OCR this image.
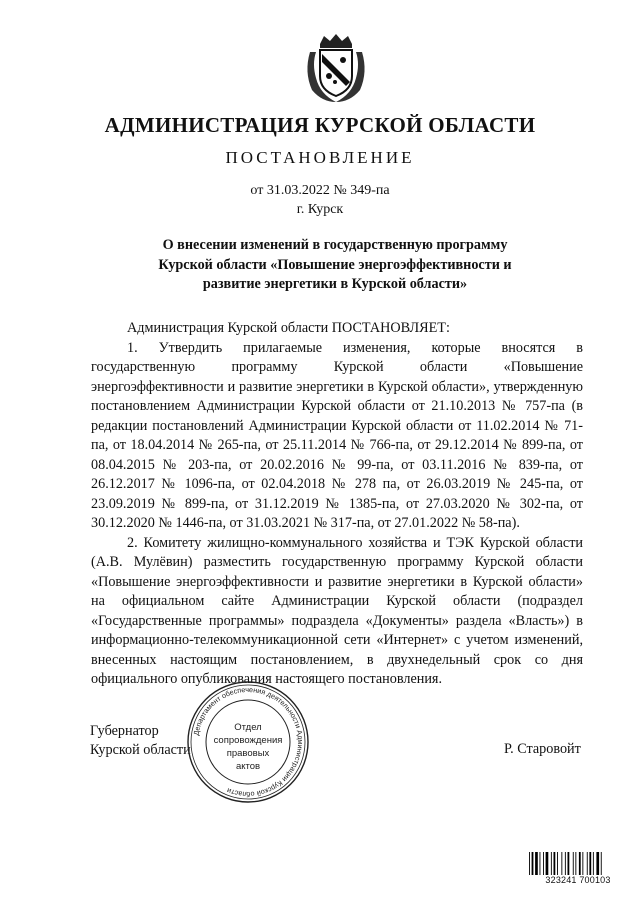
АДМИНИСТРАЦИЯ КУРСКОЙ ОБЛАСТИ
ПОСТАНОВЛЕНИЕ
от 31.03.2022 № 349-па
г. Курск
О внесении изменений в государственную программу
Курской области «Повышение энергоэффективности и
развитие энергетики в Курской области»

Администрация Курской области ПОСТАНОВЛЯЕТ:

1. Утвердить прилагаемые изменения, которые вносятся в государственную программу Курской области «Повышение энергоэффективности и развитие энергетики в Курской области», утвержденную постановлением Администрации Курской области от 21.10.2013 № 757-па (в редакции постановлений Администрации Курской области от 11.02.2014 № 71-па, от 18.04.2014 № 265-па, от 25.11.2014 № 766-па, от 29.12.2014 № 899-па, от 08.04.2015 № 203-па, от 20.02.2016 № 99-па, от 03.11.2016 № 839-па, от 26.12.2017 № 1096-па, от 02.04.2018 № 278 па, от 26.03.2019 № 245-па, от 23.09.2019 № 899-па, от 31.12.2019 № 1385-па, от 27.03.2020 № 302-па, от 30.12.2020 № 1446-па, от 31.03.2021 № 317-па, от 27.01.2022 № 58-па).

2. Комитету жилищно-коммунального хозяйства и ТЭК Курской области (А.В. Мулёвин) разместить государственную программу Курской области «Повышение энергоэффективности и развитие энергетики в Курской области» на официальном сайте Администрации Курской области (подраздел «Государственные программы» подраздела «Документы» раздела «Власть») в информационно-телекоммуникационной сети «Интернет» с учетом изменений, внесенных настоящим постановлением, в двухнедельный срок со дня официального опубликования настоящего постановления.

Губернатор
Курской области	Р. Старовойт
Департамент обеспечения деятельности Администрации Курской области
Отдел
сопровождения
правовых
актов
323241 700103
